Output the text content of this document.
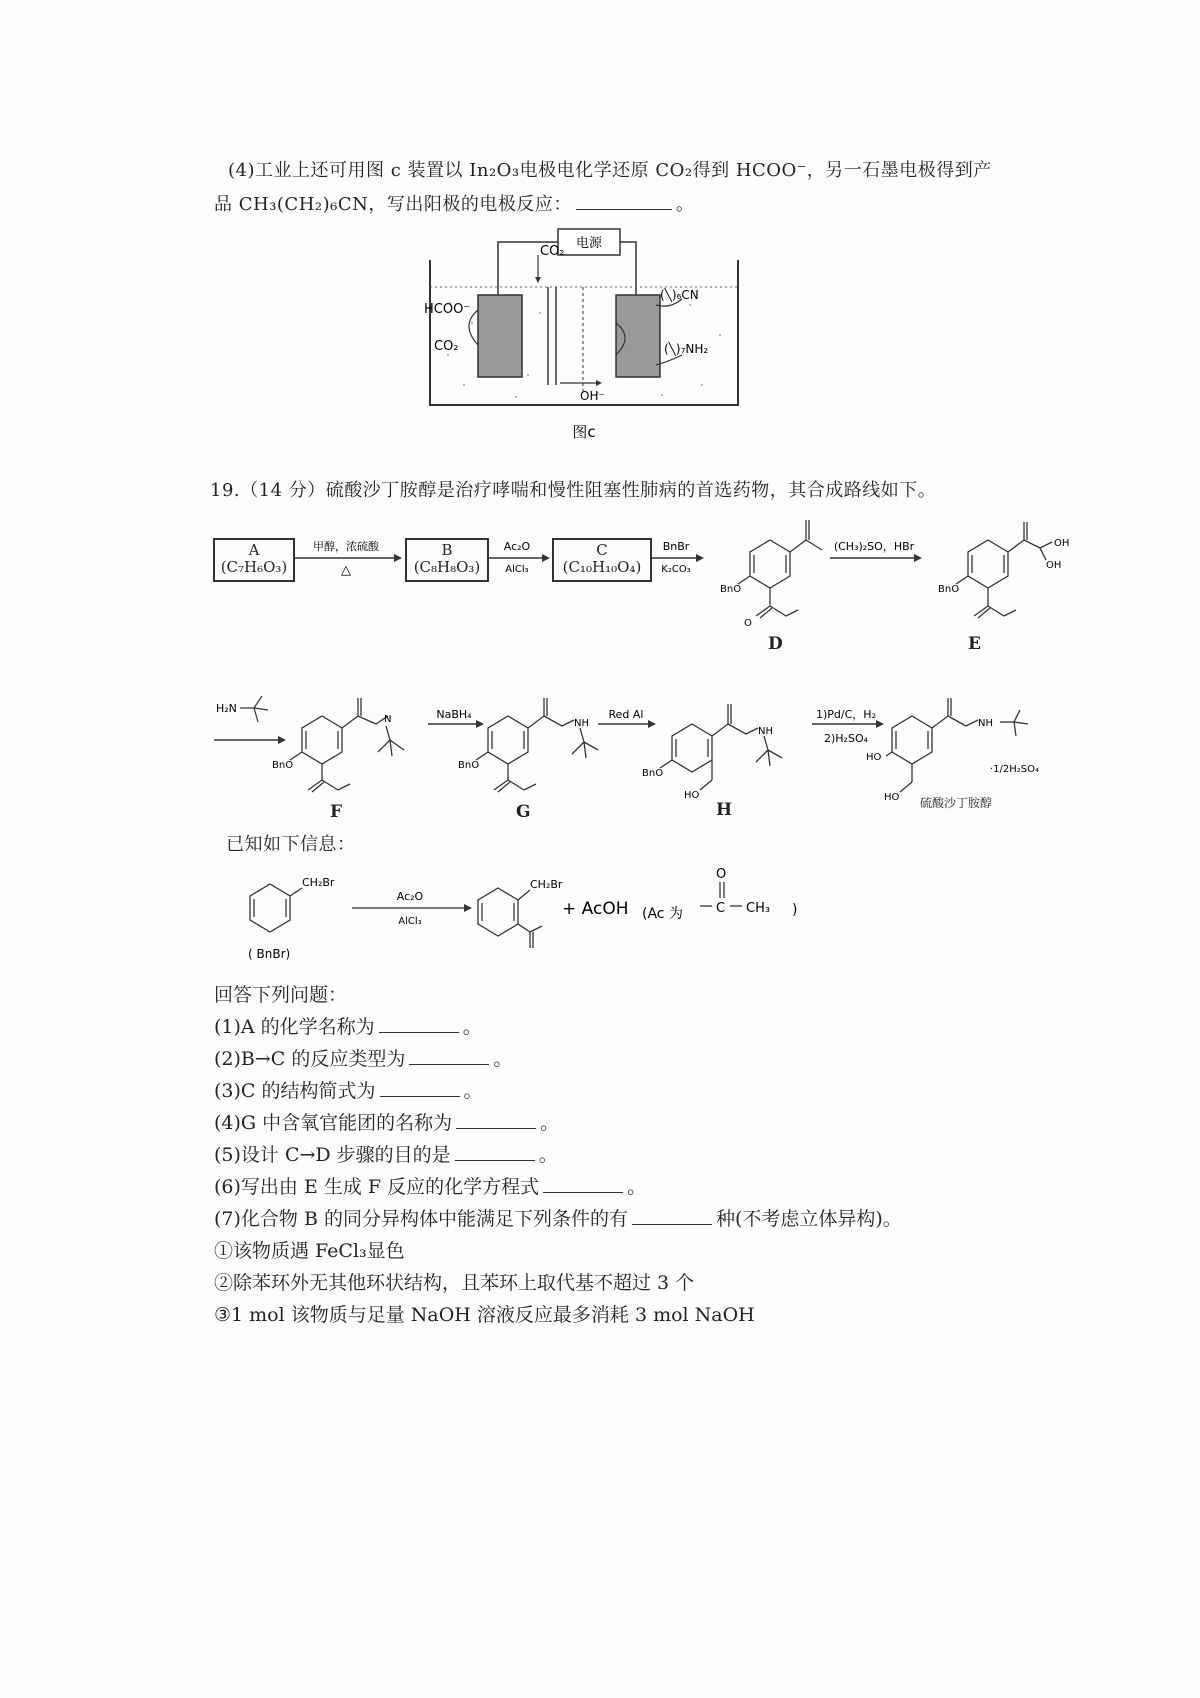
(4)工业上还可用图 c 装置以 In₂O₃电极电化学还原 CO₂得到 HCOO⁻，另一石墨电极得到产
品 CH₃(CH₂)₆CN，写出阳极的电极反应：	。
电源
CO₂
HCOO⁻
CO₂
(╲)₆CN
(╲)₇NH₂
OH⁻
图c
19.（14 分）硫酸沙丁胺醇是治疗哮喘和慢性阻塞性肺病的首选药物，其合成路线如下。
A
(C₇H₆O₃)
B
(C₈H₈O₃)
C
(C₁₀H₁₀O₄)
甲醇，浓硫酸
△
Ac₂O
AlCl₃
BnBr
K₂CO₃
(CH₃)₂SO，HBr
BnO
O
OH
OH
BnO
D	E
H₂N	NaBH₄	Red Al	1)Pd/C，H₂
2)H₂SO₄
N
BnO
NH
BnO
NH
BnO
HO
NH
HO
HO
·1/2H₂SO₄
F	G	H	硫酸沙丁胺醇
已知如下信息：
CH₂Br	CH₂Br
Ac₂O
AlCl₃
( BnBr)
+ AcOH (Ac 为
O
C CH₃ )
回答下列问题：
(1)A 的化学名称为	。
(2)B→C 的反应类型为	。
(3)C 的结构简式为	。
(4)G 中含氧官能团的名称为	。
(5)设计 C→D 步骤的目的是	。
(6)写出由 E 生成 F 反应的化学方程式	。
(7)化合物 B 的同分异构体中能满足下列条件的有	种(不考虑立体异构)。
①该物质遇 FeCl₃显色
②除苯环外无其他环状结构，且苯环上取代基不超过 3 个
③1 mol 该物质与足量 NaOH 溶液反应最多消耗 3 mol NaOH
